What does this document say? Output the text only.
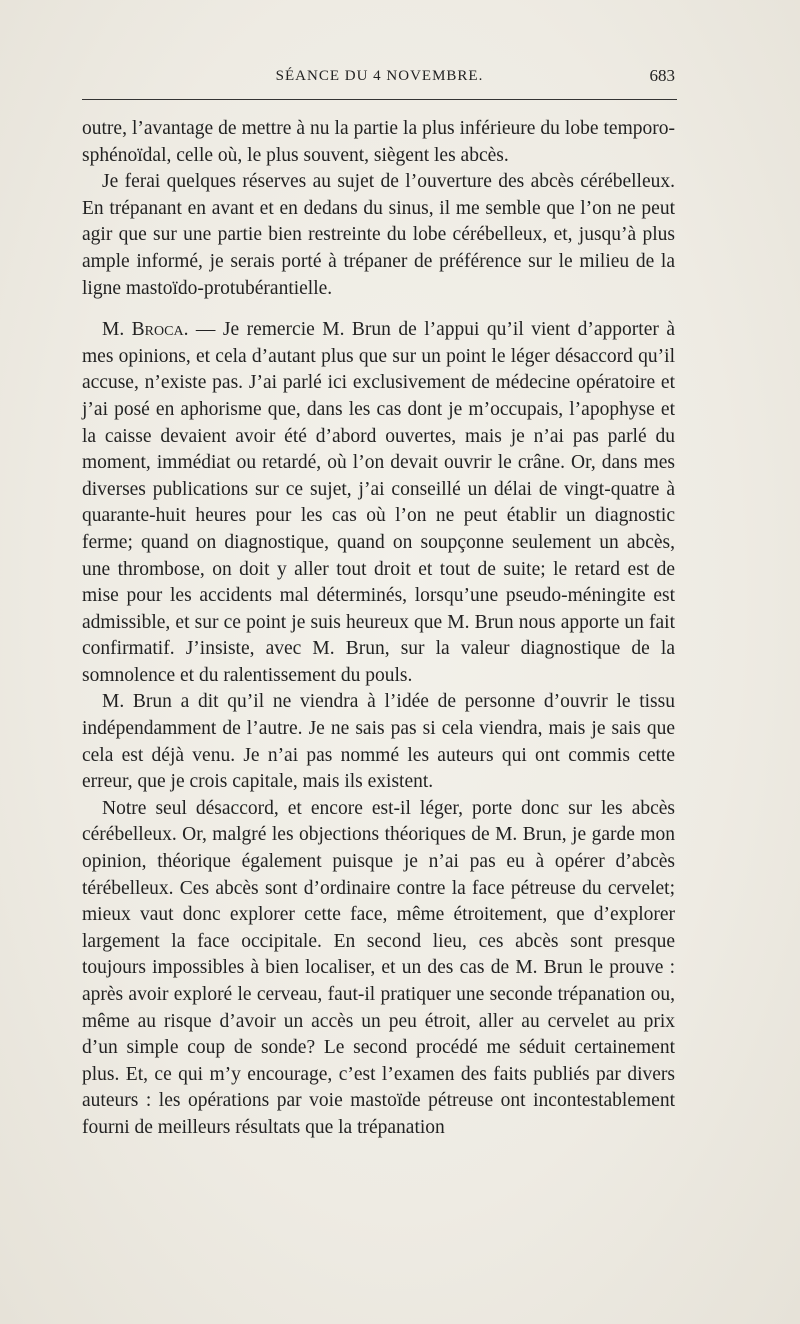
SÉANCE DU 4 NOVEMBRE.	683

outre, l’avantage de mettre à nu la partie la plus inférieure du lobe temporo-sphénoïdal, celle où, le plus souvent, siègent les abcès.

Je ferai quelques réserves au sujet de l’ouverture des abcès cérébelleux. En trépanant en avant et en dedans du sinus, il me semble que l’on ne peut agir que sur une partie bien restreinte du lobe cérébelleux, et, jusqu’à plus ample informé, je serais porté à trépaner de préférence sur le milieu de la ligne mastoïdo-protubérantielle.

M. Broca. — Je remercie M. Brun de l’appui qu’il vient d’apporter à mes opinions, et cela d’autant plus que sur un point le léger désaccord qu’il accuse, n’existe pas. J’ai parlé ici exclusivement de médecine opératoire et j’ai posé en aphorisme que, dans les cas dont je m’occupais, l’apophyse et la caisse devaient avoir été d’abord ouvertes, mais je n’ai pas parlé du moment, immédiat ou retardé, où l’on devait ouvrir le crâne. Or, dans mes diverses publications sur ce sujet, j’ai conseillé un délai de vingt-quatre à quarante-huit heures pour les cas où l’on ne peut établir un diagnostic ferme; quand on diagnostique, quand on soupçonne seulement un abcès, une thrombose, on doit y aller tout droit et tout de suite; le retard est de mise pour les accidents mal déterminés, lorsqu’une pseudo-méningite est admissible, et sur ce point je suis heureux que M. Brun nous apporte un fait confirmatif. J’insiste, avec M. Brun, sur la valeur diagnostique de la somnolence et du ralentissement du pouls.

M. Brun a dit qu’il ne viendra à l’idée de personne d’ouvrir le tissu indépendamment de l’autre. Je ne sais pas si cela viendra, mais je sais que cela est déjà venu. Je n’ai pas nommé les auteurs qui ont commis cette erreur, que je crois capitale, mais ils existent.

Notre seul désaccord, et encore est-il léger, porte donc sur les abcès cérébelleux. Or, malgré les objections théoriques de M. Brun, je garde mon opinion, théorique également puisque je n’ai pas eu à opérer d’abcès térébelleux. Ces abcès sont d’ordinaire contre la face pétreuse du cervelet; mieux vaut donc explorer cette face, même étroitement, que d’explorer largement la face occipitale. En second lieu, ces abcès sont presque toujours impossibles à bien localiser, et un des cas de M. Brun le prouve : après avoir exploré le cerveau, faut-il pratiquer une seconde trépanation ou, même au risque d’avoir un accès un peu étroit, aller au cervelet au prix d’un simple coup de sonde? Le second procédé me séduit certainement plus. Et, ce qui m’y encourage, c’est l’examen des faits publiés par divers auteurs : les opérations par voie mastoïde pétreuse ont incontestablement fourni de meilleurs résultats que la trépanation
